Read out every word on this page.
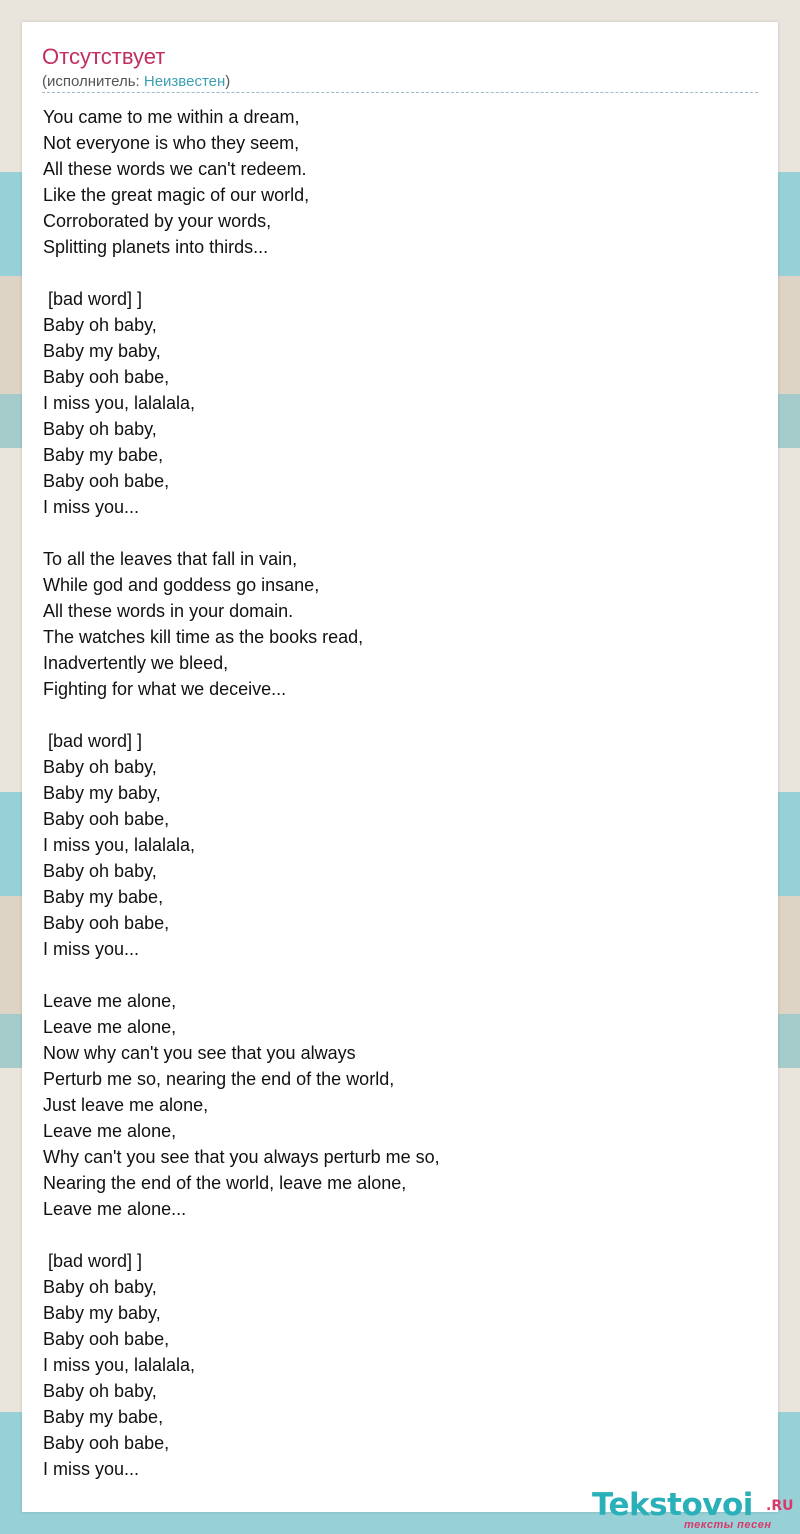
Отсутствует
(исполнитель: Неизвестен)
You came to me within a dream,
Not everyone is who they seem,
All these words we can't redeem.
Like the great magic of our world,
Corroborated by your words,
Splitting planets into thirds...
[bad word] ]
Baby oh baby,
Baby my baby,
Baby ooh babe,
I miss you, lalalala,
Baby oh baby,
Baby my babe,
Baby ooh babe,
I miss you...
To all the leaves that fall in vain,
While god and goddess go insane,
All these words in your domain.
The watches kill time as the books read,
Inadvertently we bleed,
Fighting for what we deceive...
[bad word] ]
Baby oh baby,
Baby my baby,
Baby ooh babe,
I miss you, lalalala,
Baby oh baby,
Baby my babe,
Baby ooh babe,
I miss you...
Leave me alone,
Leave me alone,
Now why can't you see that you always
Perturb me so, nearing the end of the world,
Just leave me alone,
Leave me alone,
Why can't you see that you always perturb me so,
Nearing the end of the world, leave me alone,
Leave me alone...
[bad word] ]
Baby oh baby,
Baby my baby,
Baby ooh babe,
I miss you, lalalala,
Baby oh baby,
Baby my babe,
Baby ooh babe,
I miss you...
Tekstovoi .RU
тексты песен
